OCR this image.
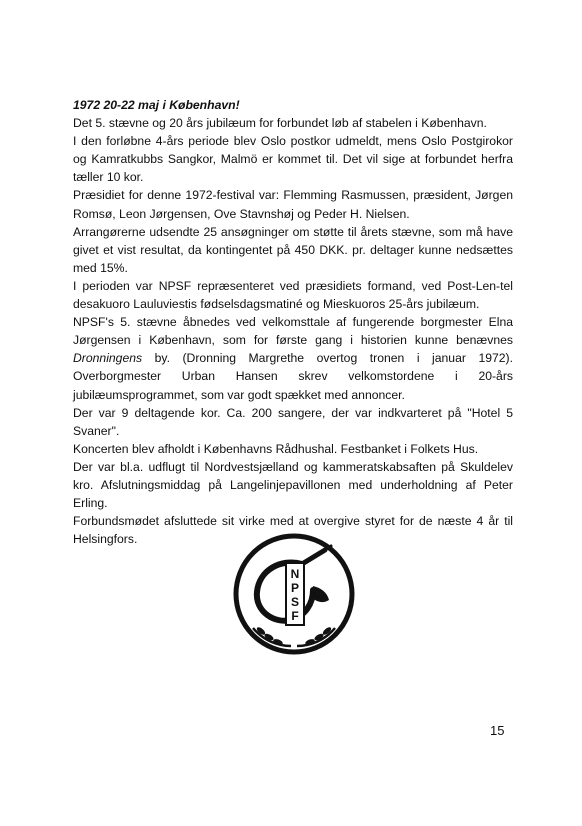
1972 20-22 maj i København!

Det 5. stævne og 20 års jubilæum for forbundet løb af stabelen i København.

I den forløbne 4-års periode blev Oslo postkor udmeldt, mens Oslo Postgirokor og Kamratkubbs Sangkor, Malmö er kommet til. Det vil sige at forbundet herfra tæller 10 kor.

Præsidiet for denne 1972-festival var: Flemming Rasmussen, præsident, Jørgen Romsø, Leon Jørgensen, Ove Stavnshøj og Peder H. Nielsen.

Arrangørerne udsendte 25 ansøgninger om støtte til årets stævne, som må have givet et vist resultat, da kontingentet på 450 DKK. pr. deltager kunne nedsættes med 15%.

I perioden var NPSF repræsenteret ved præsidiets formand, ved Post-Len-tel desakuoro Lauluviestis fødselsdagsmatiné og Mieskuoros 25-års jubilæum.

NPSF's 5. stævne åbnedes ved velkomsttale af fungerende borgmester Elna Jørgensen i København, som for første gang i historien kunne benævnes Dronningens by. (Dronning Margrethe overtog tronen i januar 1972). Overborgmester Urban Hansen skrev velkomstordene i 20-års jubilæumsprogrammet, som var godt spækket med annoncer.

Der var 9 deltagende kor. Ca. 200 sangere, der var indkvarteret på "Hotel 5 Svaner".

Koncerten blev afholdt i Københavns Rådhushal. Festbanket i Folkets Hus.

Der var bl.a. udflugt til Nordvestsjælland og kammeratskabsaften på Skuldelev kro. Afslutningsmiddag på Langelinjepavillonen med underholdning af Peter Erling.

Forbundsmødet afsluttede sit virke med at overgive styret for de næste 4 år til Helsingfors.

N
P
S
F
15
